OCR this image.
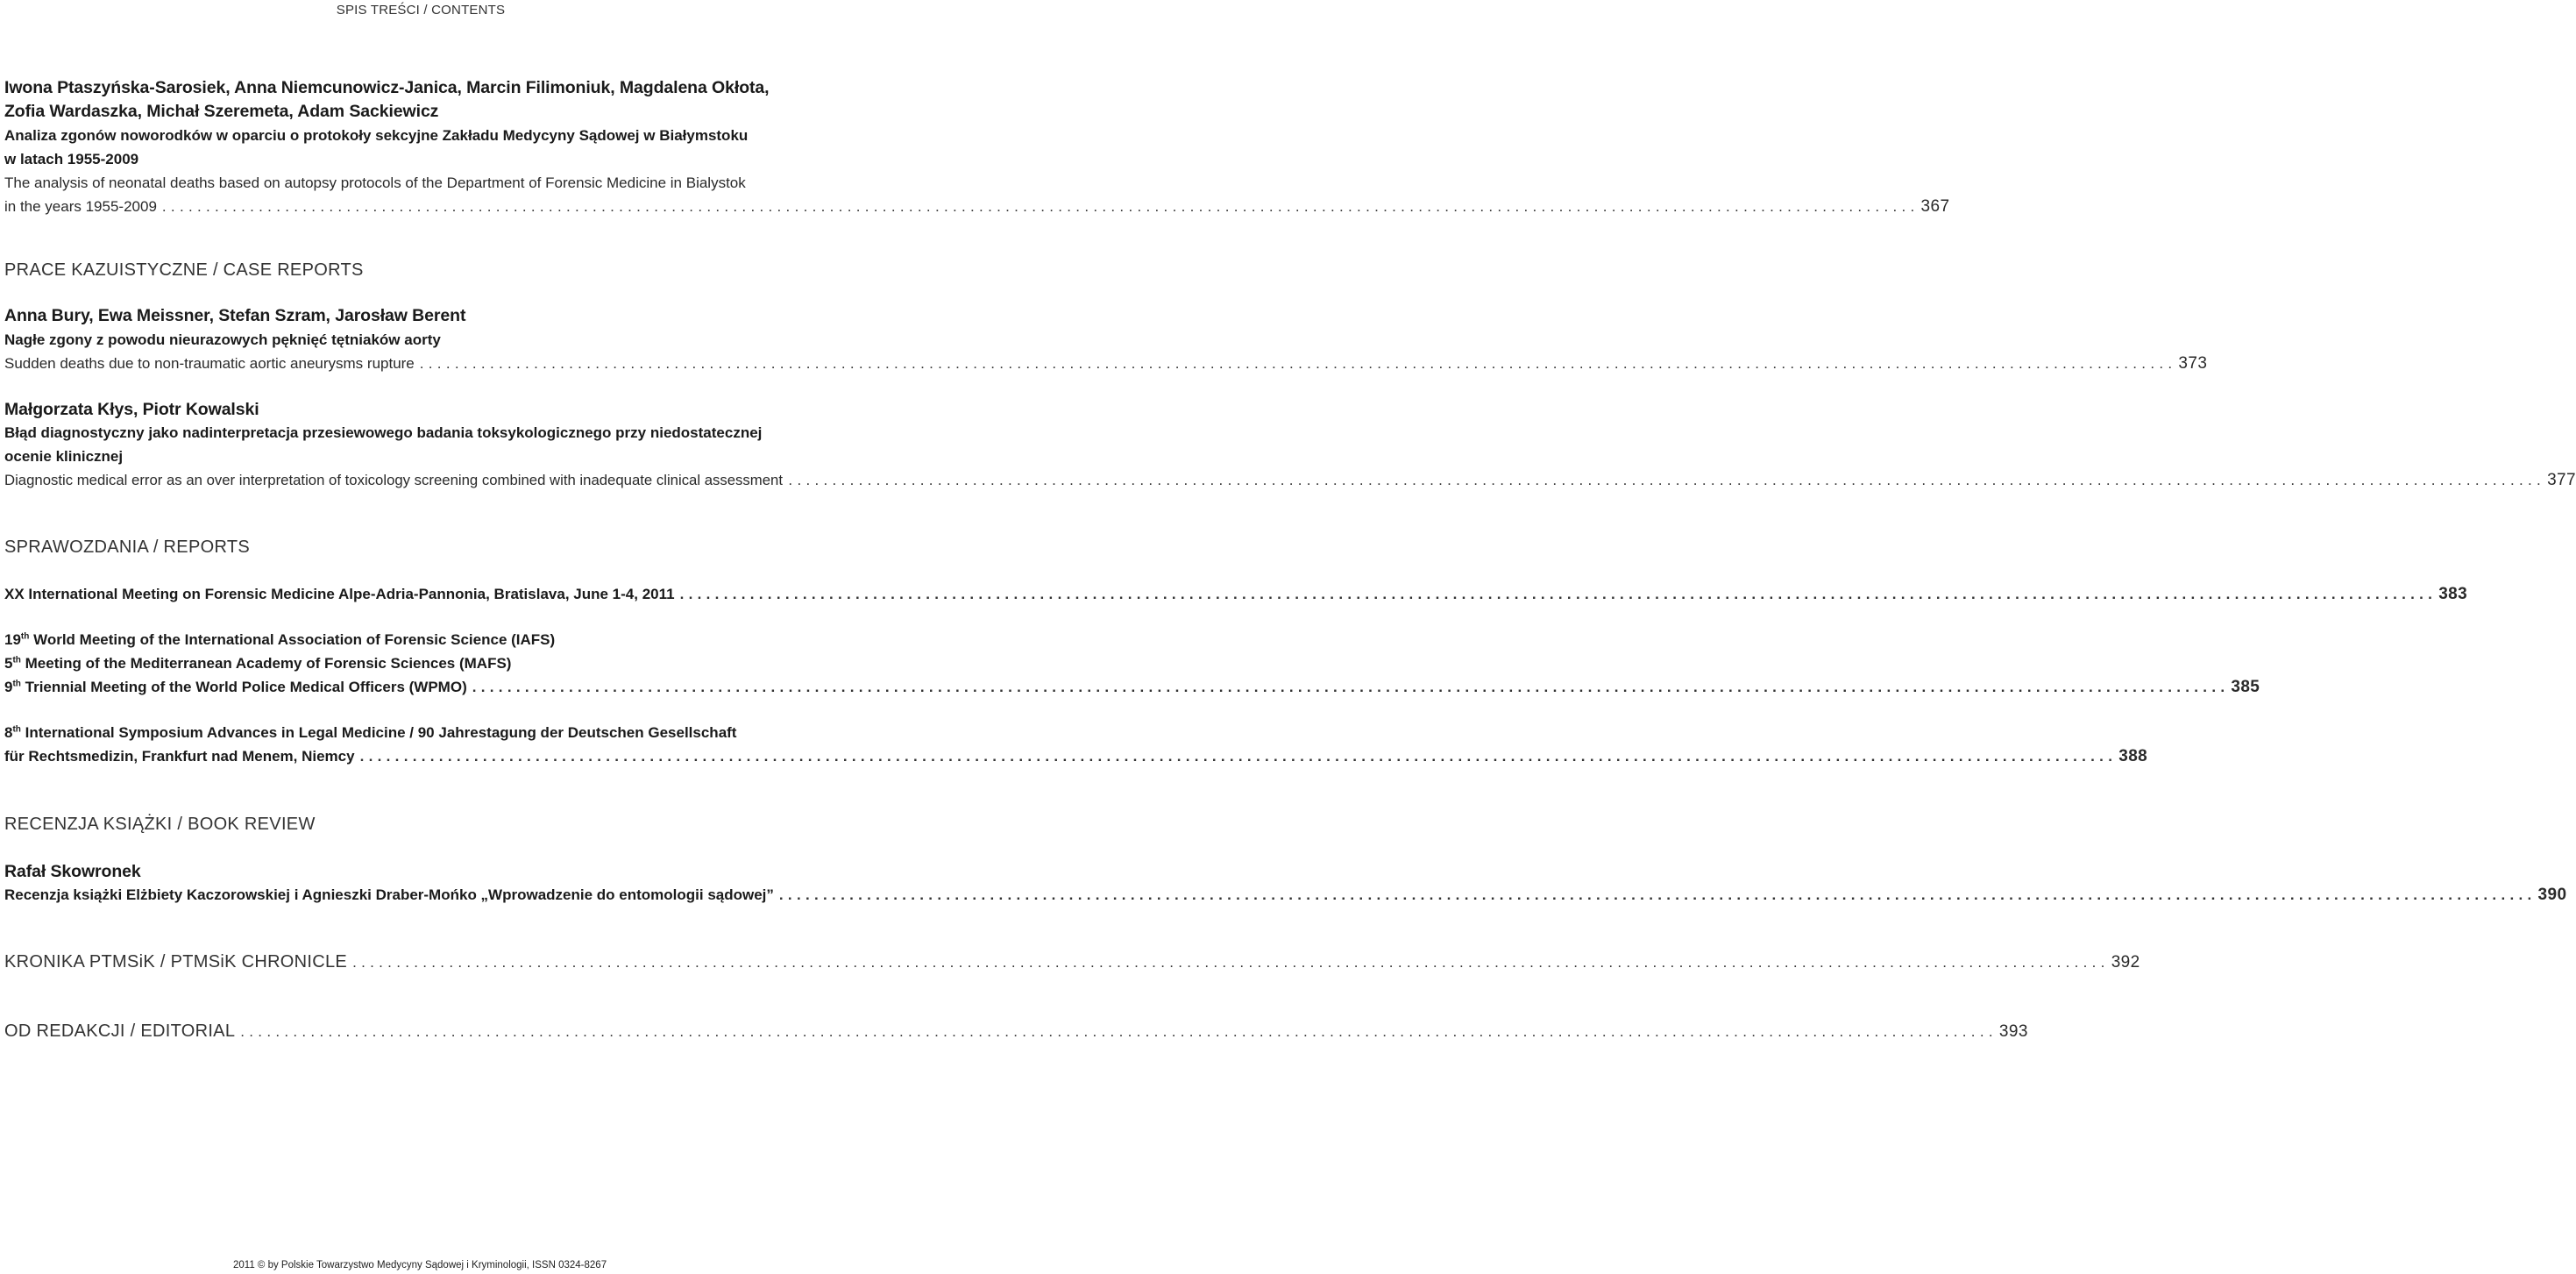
SPIS TREŚCI / CONTENTS
Iwona Ptaszyńska-Sarosiek, Anna Niemcunowicz-Janica, Marcin Filimoniuk, Magdalena Okłota,
Zofia Wardaszka, Michał Szeremeta, Adam Sackiewicz
Analiza zgonów noworodków w oparciu o protokoły sekcyjne Zakładu Medycyny Sądowej w Białymstoku
w latach 1955-2009
The analysis of neonatal deaths based on autopsy protocols of the Department of Forensic Medicine in Bialystok
in the years 1955-2009 ........................................................................................................................................................................................................ 367
PRACE KAZUISTYCZNE / CASE REPORTS
Anna Bury, Ewa Meissner, Stefan Szram, Jarosław Berent
Nagłe zgony z powodu nieurazowych pęknięć tętniaków aorty
Sudden deaths due to non-traumatic aortic aneurysms rupture ........................................................................................................................................................................................................ 373
Małgorzata Kłys, Piotr Kowalski
Błąd diagnostyczny jako nadinterpretacja przesiewowego badania toksykologicznego przy niedostatecznej
ocenie klinicznej
Diagnostic medical error as an over interpretation of toxicology screening combined with inadequate clinical assessment ........................................................................................................................................................................................................ 377
SPRAWOZDANIA / REPORTS
XX International Meeting on Forensic Medicine Alpe-Adria-Pannonia, Bratislava, June 1-4, 2011 ........................................................................................................................................................................................................ 383
19th World Meeting of the International Association of Forensic Science (IAFS)
5th Meeting of the Mediterranean Academy of Forensic Sciences (MAFS)
9th Triennial Meeting of the World Police Medical Officers (WPMO) ........................................................................................................................................................................................................ 385
8th International Symposium Advances in Legal Medicine / 90 Jahrestagung der Deutschen Gesellschaft
für Rechtsmedizin, Frankfurt nad Menem, Niemcy ........................................................................................................................................................................................................ 388
RECENZJA KSIĄŻKI / BOOK REVIEW
Rafał Skowronek
Recenzja książki Elżbiety Kaczorowskiej i Agnieszki Draber-Mońko „Wprowadzenie do entomologii sądowej” ........................................................................................................................................................................................................ 390
KRONIKA PTMSiK / PTMSiK CHRONICLE ........................................................................................................................................................................................................ 392
OD REDAKCJI / EDITORIAL ........................................................................................................................................................................................................ 393
2011 © by Polskie Towarzystwo Medycyny Sądowej i Kryminologii, ISSN 0324-8267
